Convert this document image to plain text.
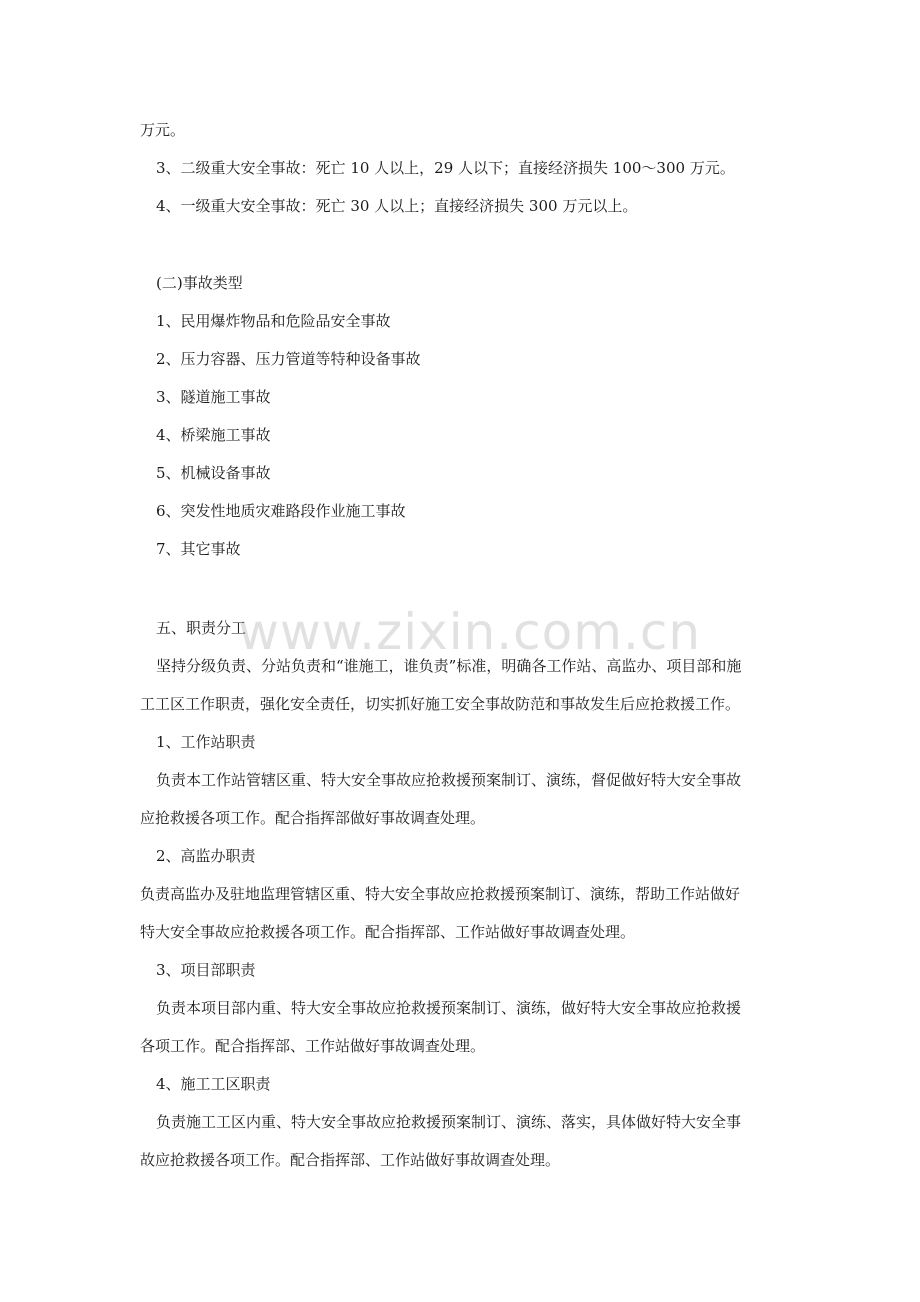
万元。
3、二级重大安全事故：死亡 10 人以上，29 人以下；直接经济损失 100～300 万元。
4、一级重大安全事故：死亡 30 人以上；直接经济损失 300 万元以上。
(二)事故类型
1、民用爆炸物品和危险品安全事故
2、压力容器、压力管道等特种设备事故
3、隧道施工事故
4、桥梁施工事故
5、机械设备事故
6、突发性地质灾难路段作业施工事故
7、其它事故
五、职责分工
坚持分级负责、分站负责和“谁施工，谁负责”标准，明确各工作站、高监办、项目部和施
工工区工作职责，强化安全责任，切实抓好施工安全事故防范和事故发生后应抢救援工作。
1、工作站职责
负责本工作站管辖区重、特大安全事故应抢救援预案制订、演练，督促做好特大安全事故
应抢救援各项工作。配合指挥部做好事故调查处理。
2、高监办职责
负责高监办及驻地监理管辖区重、特大安全事故应抢救援预案制订、演练，帮助工作站做好
特大安全事故应抢救援各项工作。配合指挥部、工作站做好事故调查处理。
3、项目部职责
负责本项目部内重、特大安全事故应抢救援预案制订、演练，做好特大安全事故应抢救援
各项工作。配合指挥部、工作站做好事故调查处理。
4、施工工区职责
负责施工工区内重、特大安全事故应抢救援预案制订、演练、落实，具体做好特大安全事
故应抢救援各项工作。配合指挥部、工作站做好事故调查处理。
www.zixin.com.cn
